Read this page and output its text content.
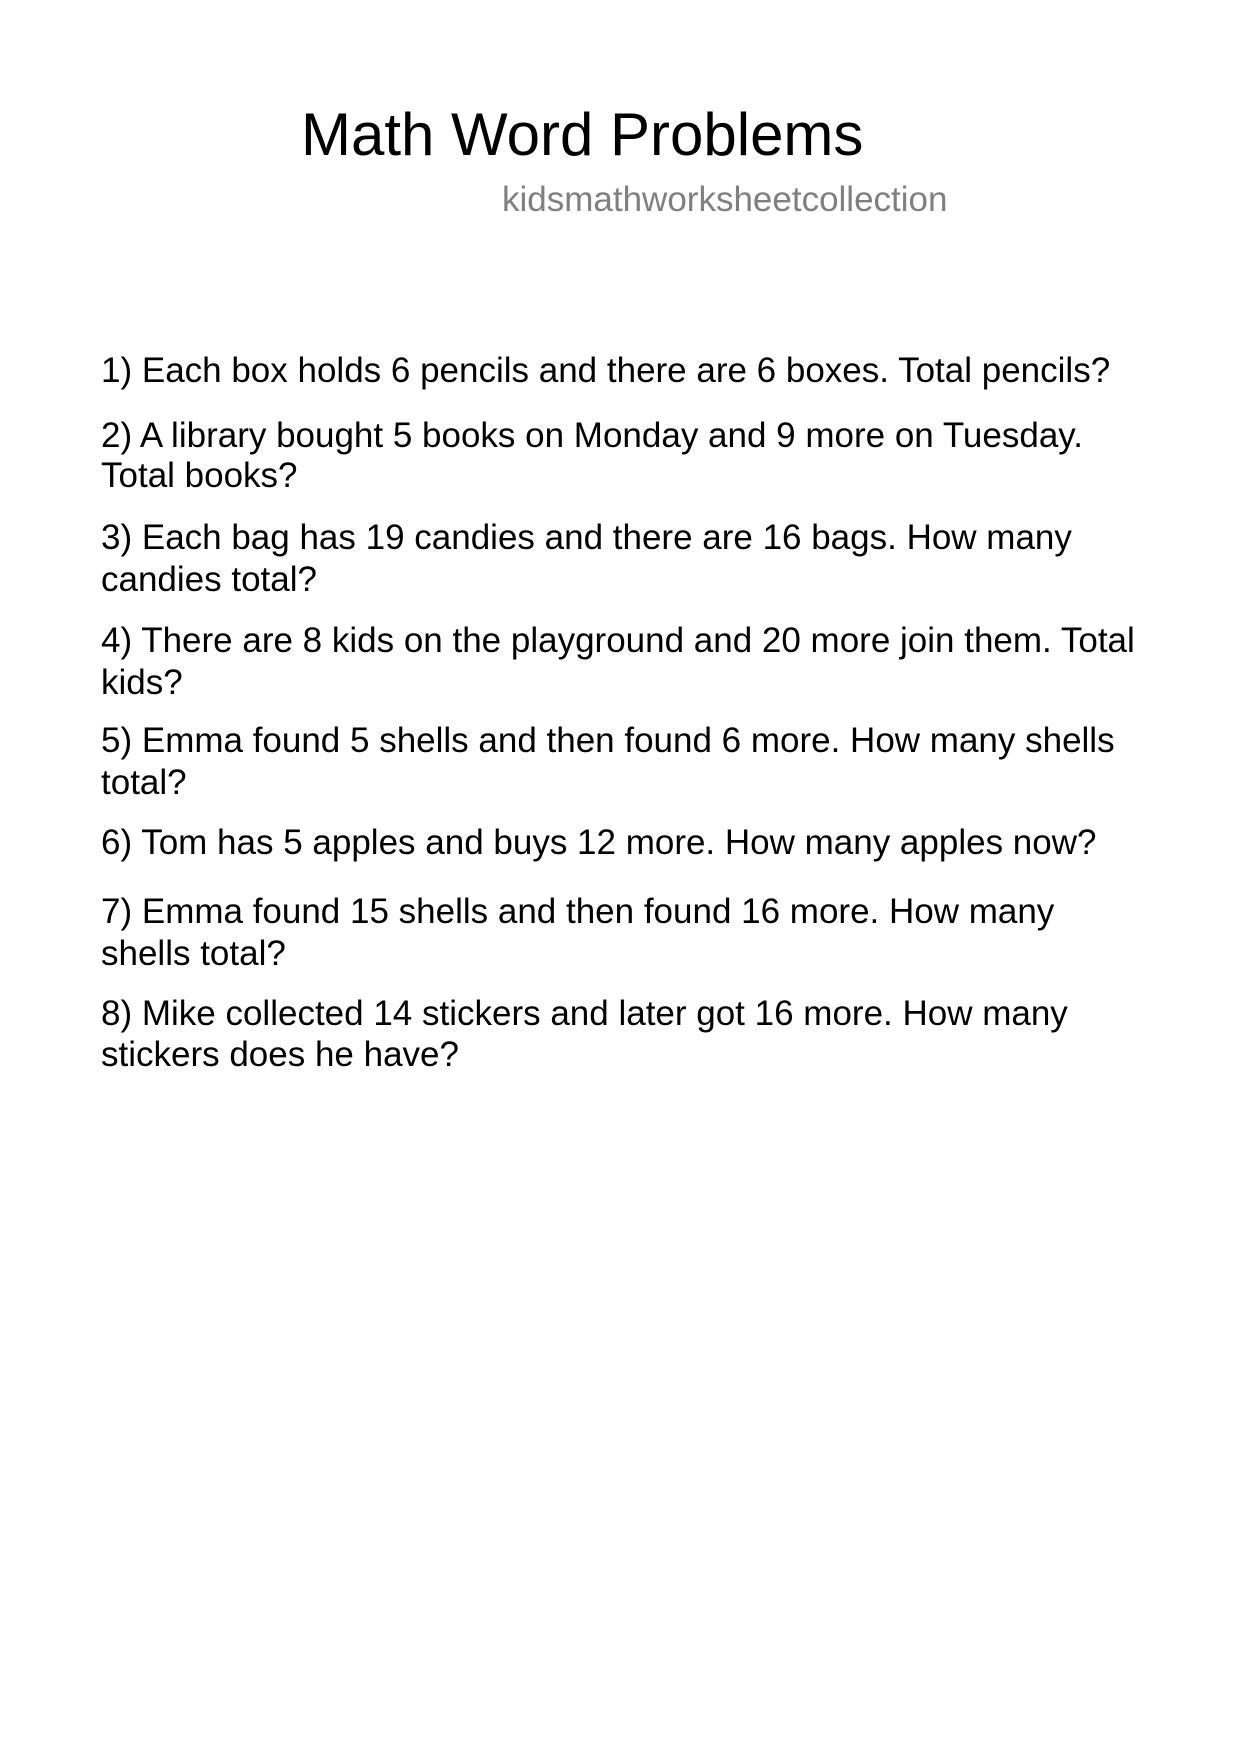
Math Word Problems
kidsmathworksheetcollection
1) Each box holds 6 pencils and there are 6 boxes. Total pencils?
2) A library bought 5 books on Monday and 9 more on Tuesday.
Total books?
3) Each bag has 19 candies and there are 16 bags. How many
candies total?
4) There are 8 kids on the playground and 20 more join them. Total
kids?
5) Emma found 5 shells and then found 6 more. How many shells
total?
6) Tom has 5 apples and buys 12 more. How many apples now?
7) Emma found 15 shells and then found 16 more. How many
shells total?
8) Mike collected 14 stickers and later got 16 more. How many
stickers does he have?
